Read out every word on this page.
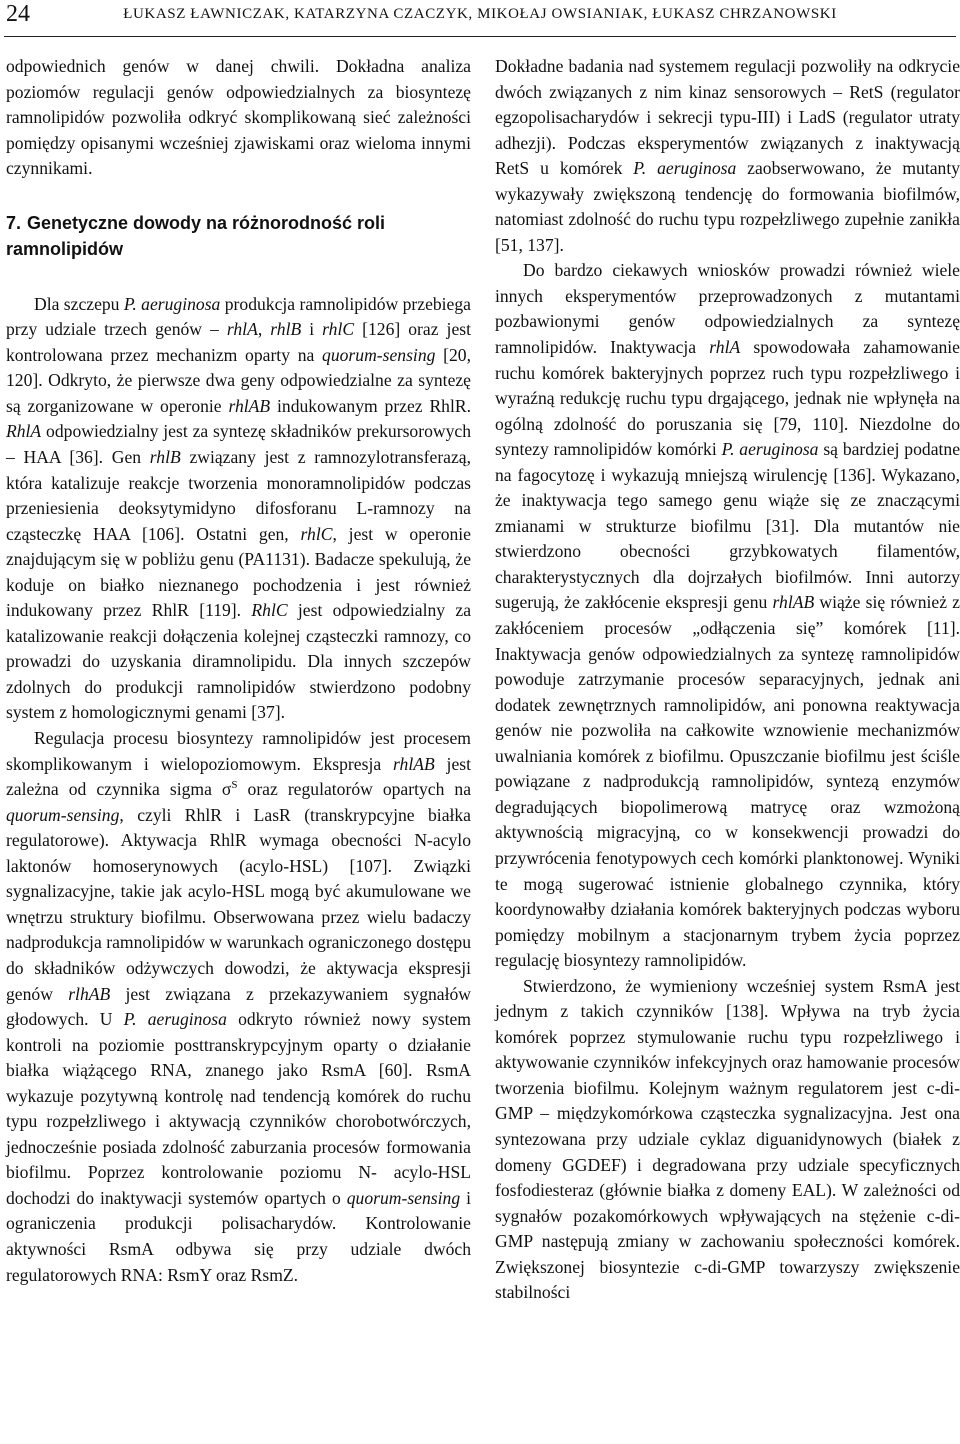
24	ŁUKASZ ŁAWNICZAK, KATARZYNA CZACZYK, MIKOŁAJ OWSIANIAK, ŁUKASZ CHRZANOWSKI

odpowiednich genów w danej chwili. Dokładna analiza poziomów regulacji genów odpowiedzialnych za biosyntezę ramnolipidów pozwoliła odkryć skomplikowaną sieć zależności pomiędzy opisanymi wcześniej zjawiskami oraz wieloma innymi czynnikami.

7. Genetyczne dowody na różnorodność roli ramnolipidów

Dla szczepu P. aeruginosa produkcja ramnolipidów przebiega przy udziale trzech genów – rhlA, rhlB i rhlC [126] oraz jest kontrolowana przez mechanizm oparty na quorum-sensing [20, 120]. Odkryto, że pierwsze dwa geny odpowiedzialne za syntezę są zorganizowane w operonie rhlAB indukowanym przez RhlR. RhlA odpowiedzialny jest za syntezę składników prekursorowych – HAA [36]. Gen rhlB związany jest z ramnozylotransferazą, która katalizuje reakcje tworzenia monoramnolipidów podczas przeniesienia deoksytymidyno difosforanu L-ramnozy na cząsteczkę HAA [106]. Ostatni gen, rhlC, jest w operonie znajdującym się w pobliżu genu (PA1131). Badacze spekulują, że koduje on białko nieznanego pochodzenia i jest również indukowany przez RhlR [119]. RhlC jest odpowiedzialny za katalizowanie reakcji dołączenia kolejnej cząsteczki ramnozy, co prowadzi do uzyskania diramnolipidu. Dla innych szczepów zdolnych do produkcji ramnolipidów stwierdzono podobny system z homologicznymi genami [37].

Regulacja procesu biosyntezy ramnolipidów jest procesem skomplikowanym i wielopoziomowym. Ekspresja rhlAB jest zależna od czynnika sigma $\sigma^S$ oraz regulatorów opartych na quorum-sensing, czyli RhlR i LasR (transkrypcyjne białka regulatorowe). Aktywacja RhlR wymaga obecności N-acylo laktonów homoserynowych (acylo-HSL) [107]. Związki sygnalizacyjne, takie jak acylo-HSL mogą być akumulowane we wnętrzu struktury biofilmu. Obserwowana przez wielu badaczy nadprodukcja ramnolipidów w warunkach ograniczonego dostępu do składników odżywczych dowodzi, że aktywacja ekspresji genów rlhAB jest związana z przekazywaniem sygnałów głodowych. U P. aeruginosa odkryto również nowy system kontroli na poziomie posttranskrypcyjnym oparty o działanie białka wiążącego RNA, znanego jako RsmA [60]. RsmA wykazuje pozytywną kontrolę nad tendencją komórek do ruchu typu rozpełzliwego i aktywacją czynników chorobotwórczych, jednocześnie posiada zdolność zaburzania procesów formowania biofilmu. Poprzez kontrolowanie poziomu N- acylo-HSL dochodzi do inaktywacji systemów opartych o quorum-sensing i ograniczenia produkcji polisacharydów. Kontrolowanie aktywności RsmA odbywa się przy udziale dwóch regulatorowych RNA: RsmY oraz RsmZ.

Dokładne badania nad systemem regulacji pozwoliły na odkrycie dwóch związanych z nim kinaz sensorowych – RetS (regulator egzopolisacharydów i sekrecji typu-III) i LadS (regulator utraty adhezji). Podczas eksperymentów związanych z inaktywacją RetS u komórek P. aeruginosa zaobserwowano, że mutanty wykazywały zwiększoną tendencję do formowania biofilmów, natomiast zdolność do ruchu typu rozpełzliwego zupełnie zanikła [51, 137].

Do bardzo ciekawych wniosków prowadzi również wiele innych eksperymentów przeprowadzonych z mutantami pozbawionymi genów odpowiedzialnych za syntezę ramnolipidów. Inaktywacja rhlA spowodowała zahamowanie ruchu komórek bakteryjnych poprzez ruch typu rozpełzliwego i wyraźną redukcję ruchu typu drgającego, jednak nie wpłynęła na ogólną zdolność do poruszania się [79, 110]. Niezdolne do syntezy ramnolipidów komórki P. aeruginosa są bardziej podatne na fagocytozę i wykazują mniejszą wirulencję [136]. Wykazano, że inaktywacja tego samego genu wiąże się ze znaczącymi zmianami w strukturze biofilmu [31]. Dla mutantów nie stwierdzono obecności grzybkowatych filamentów, charakterystycznych dla dojrzałych biofilmów. Inni autorzy sugerują, że zakłócenie ekspresji genu rhlAB wiąże się również z zakłóceniem procesów „odłączenia się” komórek [11]. Inaktywacja genów odpowiedzialnych za syntezę ramnolipidów powoduje zatrzymanie procesów separacyjnych, jednak ani dodatek zewnętrznych ramnolipidów, ani ponowna reaktywacja genów nie pozwoliła na całkowite wznowienie mechanizmów uwalniania komórek z biofilmu. Opuszczanie biofilmu jest ściśle powiązane z nadprodukcją ramnolipidów, syntezą enzymów degradujących biopolimerową matrycę oraz wzmożoną aktywnością migracyjną, co w konsekwencji prowadzi do przywrócenia fenotypowych cech komórki planktonowej. Wyniki te mogą sugerować istnienie globalnego czynnika, który koordynowałby działania komórek bakteryjnych podczas wyboru pomiędzy mobilnym a stacjonarnym trybem życia poprzez regulację biosyntezy ramnolipidów.

Stwierdzono, że wymieniony wcześniej system RsmA jest jednym z takich czynników [138]. Wpływa na tryb życia komórek poprzez stymulowanie ruchu typu rozpełzliwego i aktywowanie czynników infekcyjnych oraz hamowanie procesów tworzenia biofilmu. Kolejnym ważnym regulatorem jest c-di-GMP – międzykomórkowa cząsteczka sygnalizacyjna. Jest ona syntezowana przy udziale cyklaz diguanidynowych (białek z domeny GGDEF) i degradowana przy udziale specyficznych fosfodiesteraz (głównie białka z domeny EAL). W zależności od sygnałów pozakomórkowych wpływających na stężenie c-di-GMP następują zmiany w zachowaniu społeczności komórek. Zwiększonej biosyntezie c-di-GMP towarzyszy zwiększenie stabilności
